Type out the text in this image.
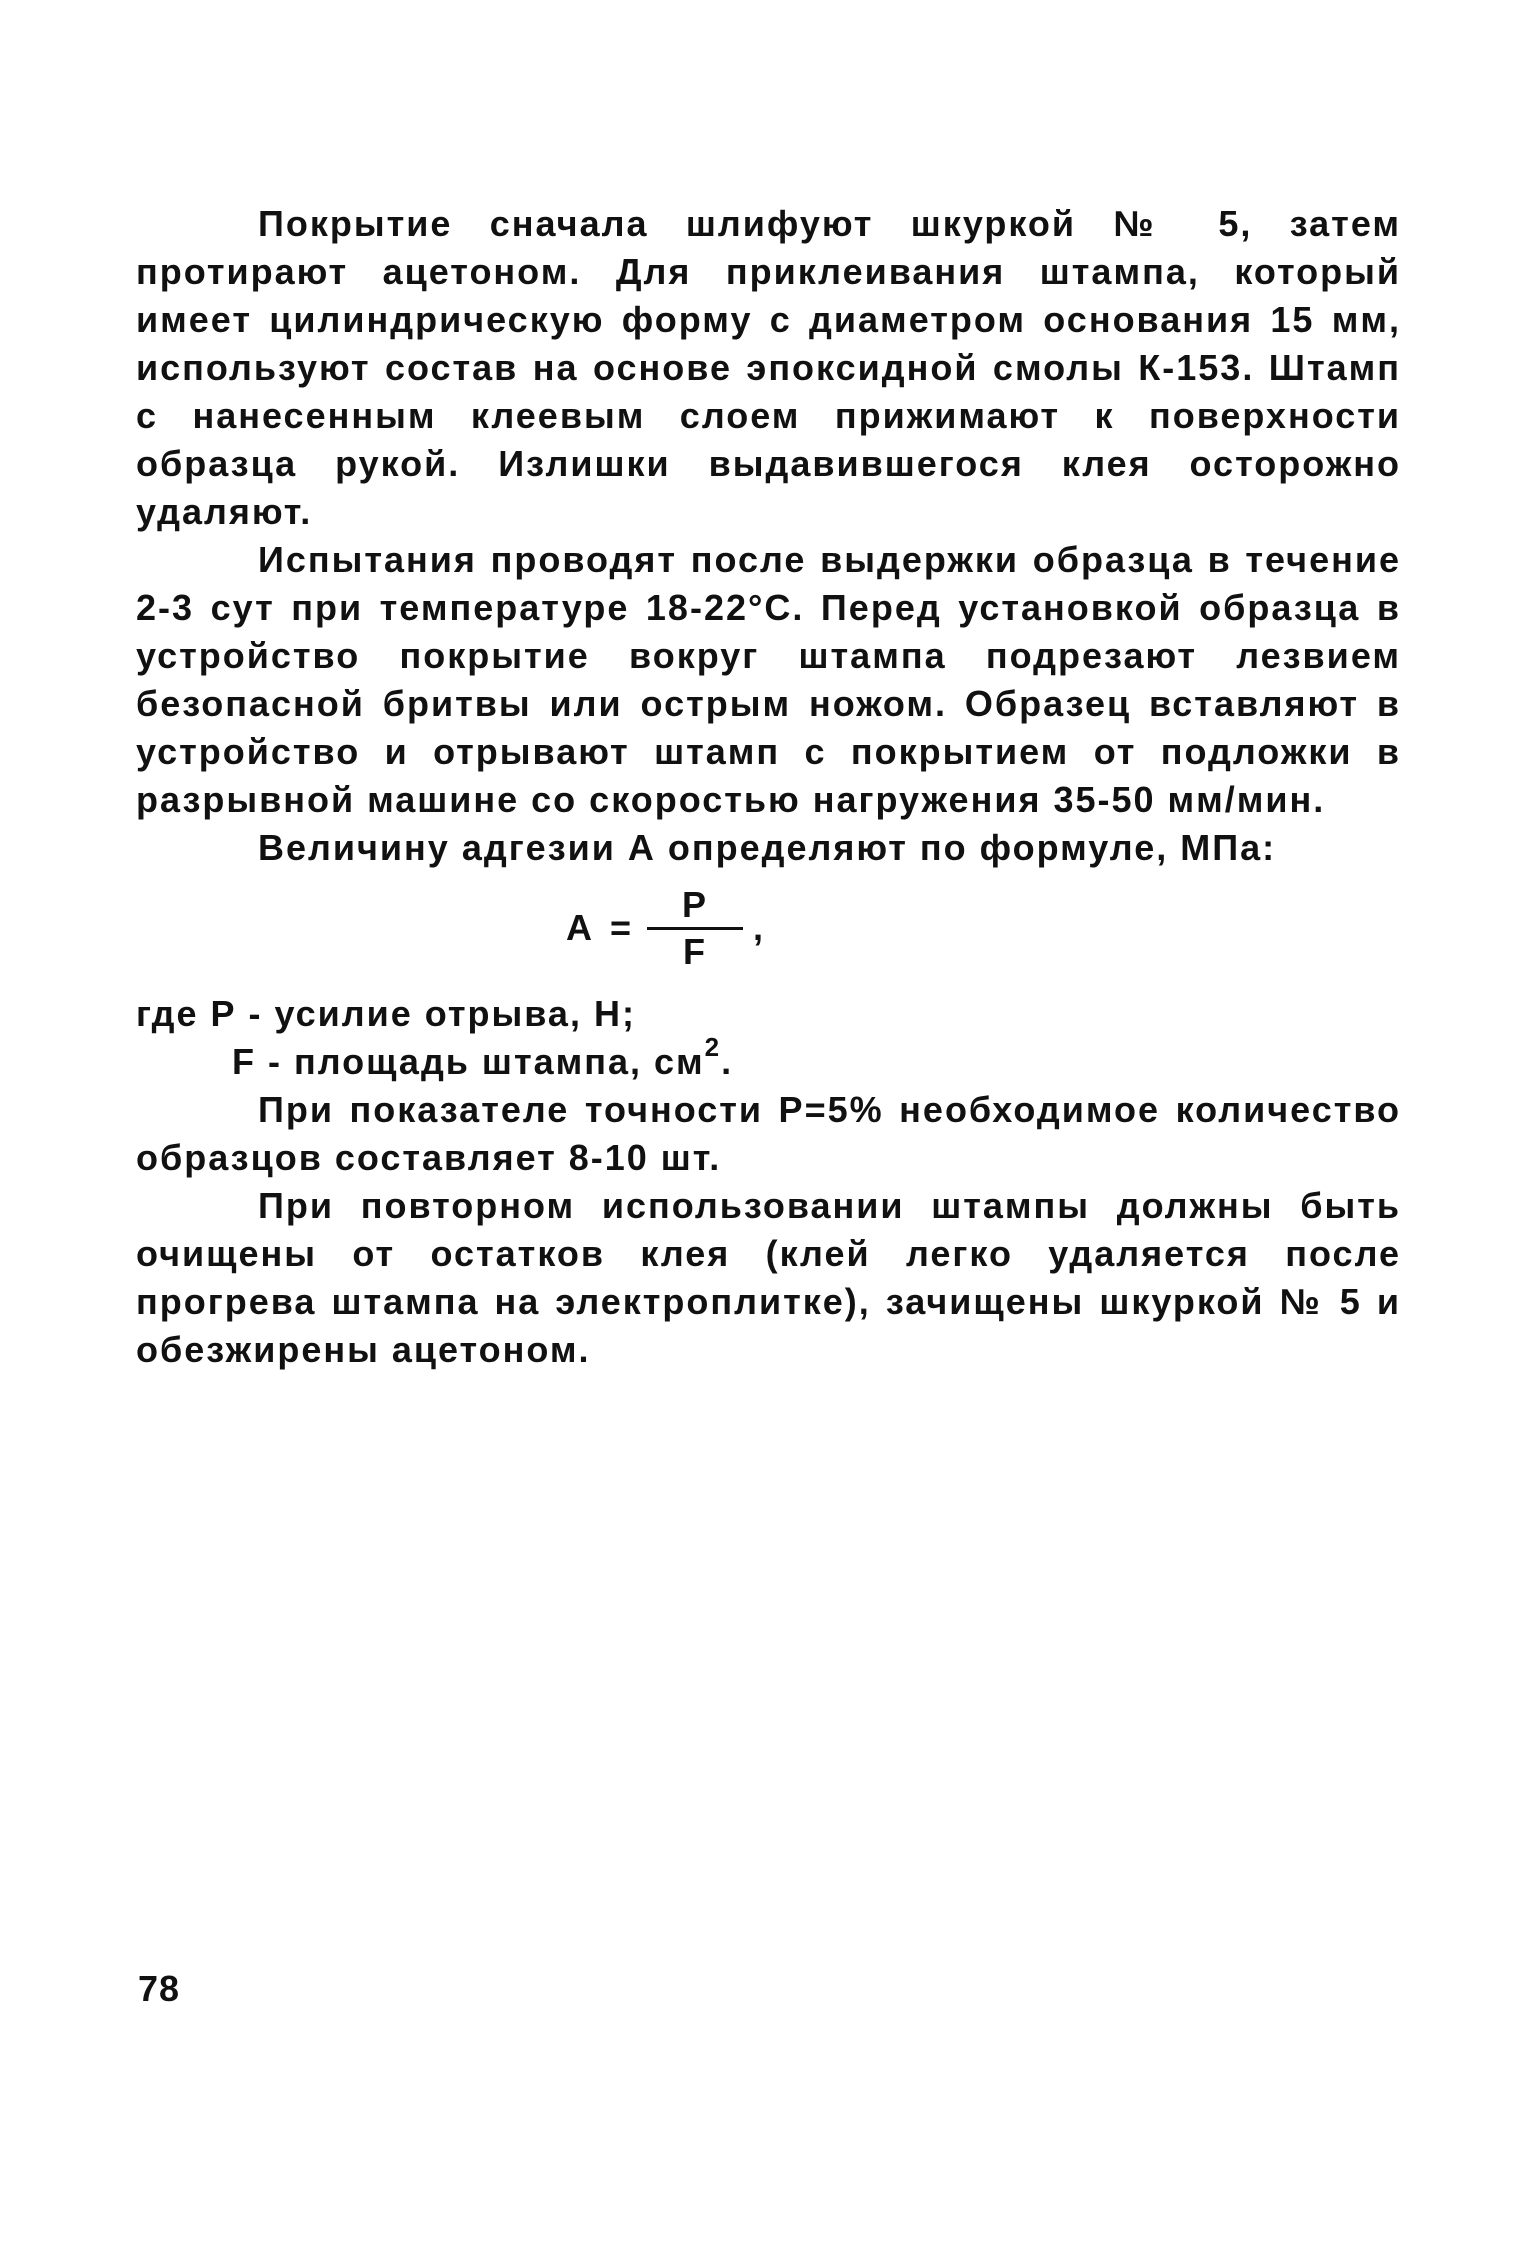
Покрытие сначала шлифуют шкуркой № 5, затем протирают ацетоном. Для приклеивания штампа, который имеет цилиндрическую форму с диаметром основания 15 мм, используют состав на основе эпоксидной смолы К-153. Штамп с нанесенным клеевым слоем прижимают к поверхности образца рукой. Излишки выдавившегося клея осторожно удаляют.

Испытания проводят после выдержки образца в течение 2-3 сут при температуре 18-22°С. Перед установкой образца в устройство покрытие вокруг штампа подрезают лезвием безопасной бритвы или острым ножом. Образец вставляют в устройство и отрывают штамп с покрытием от подложки в разрывной машине со скоростью нагружения 35-50 мм/мин.

Величину адгезии А определяют по формуле, МПа:

$А = \frac{Р}{F}$ ,

где Р - усилие отрыва, Н;

F - площадь штампа, $см^2$.

При показателе точности Р=5% необходимое количество образцов составляет 8-10 шт.

При повторном использовании штампы должны быть очищены от остатков клея (клей легко удаляется после прогрева штампа на электроплитке), зачищены шкуркой № 5 и обезжирены ацетоном.

78
